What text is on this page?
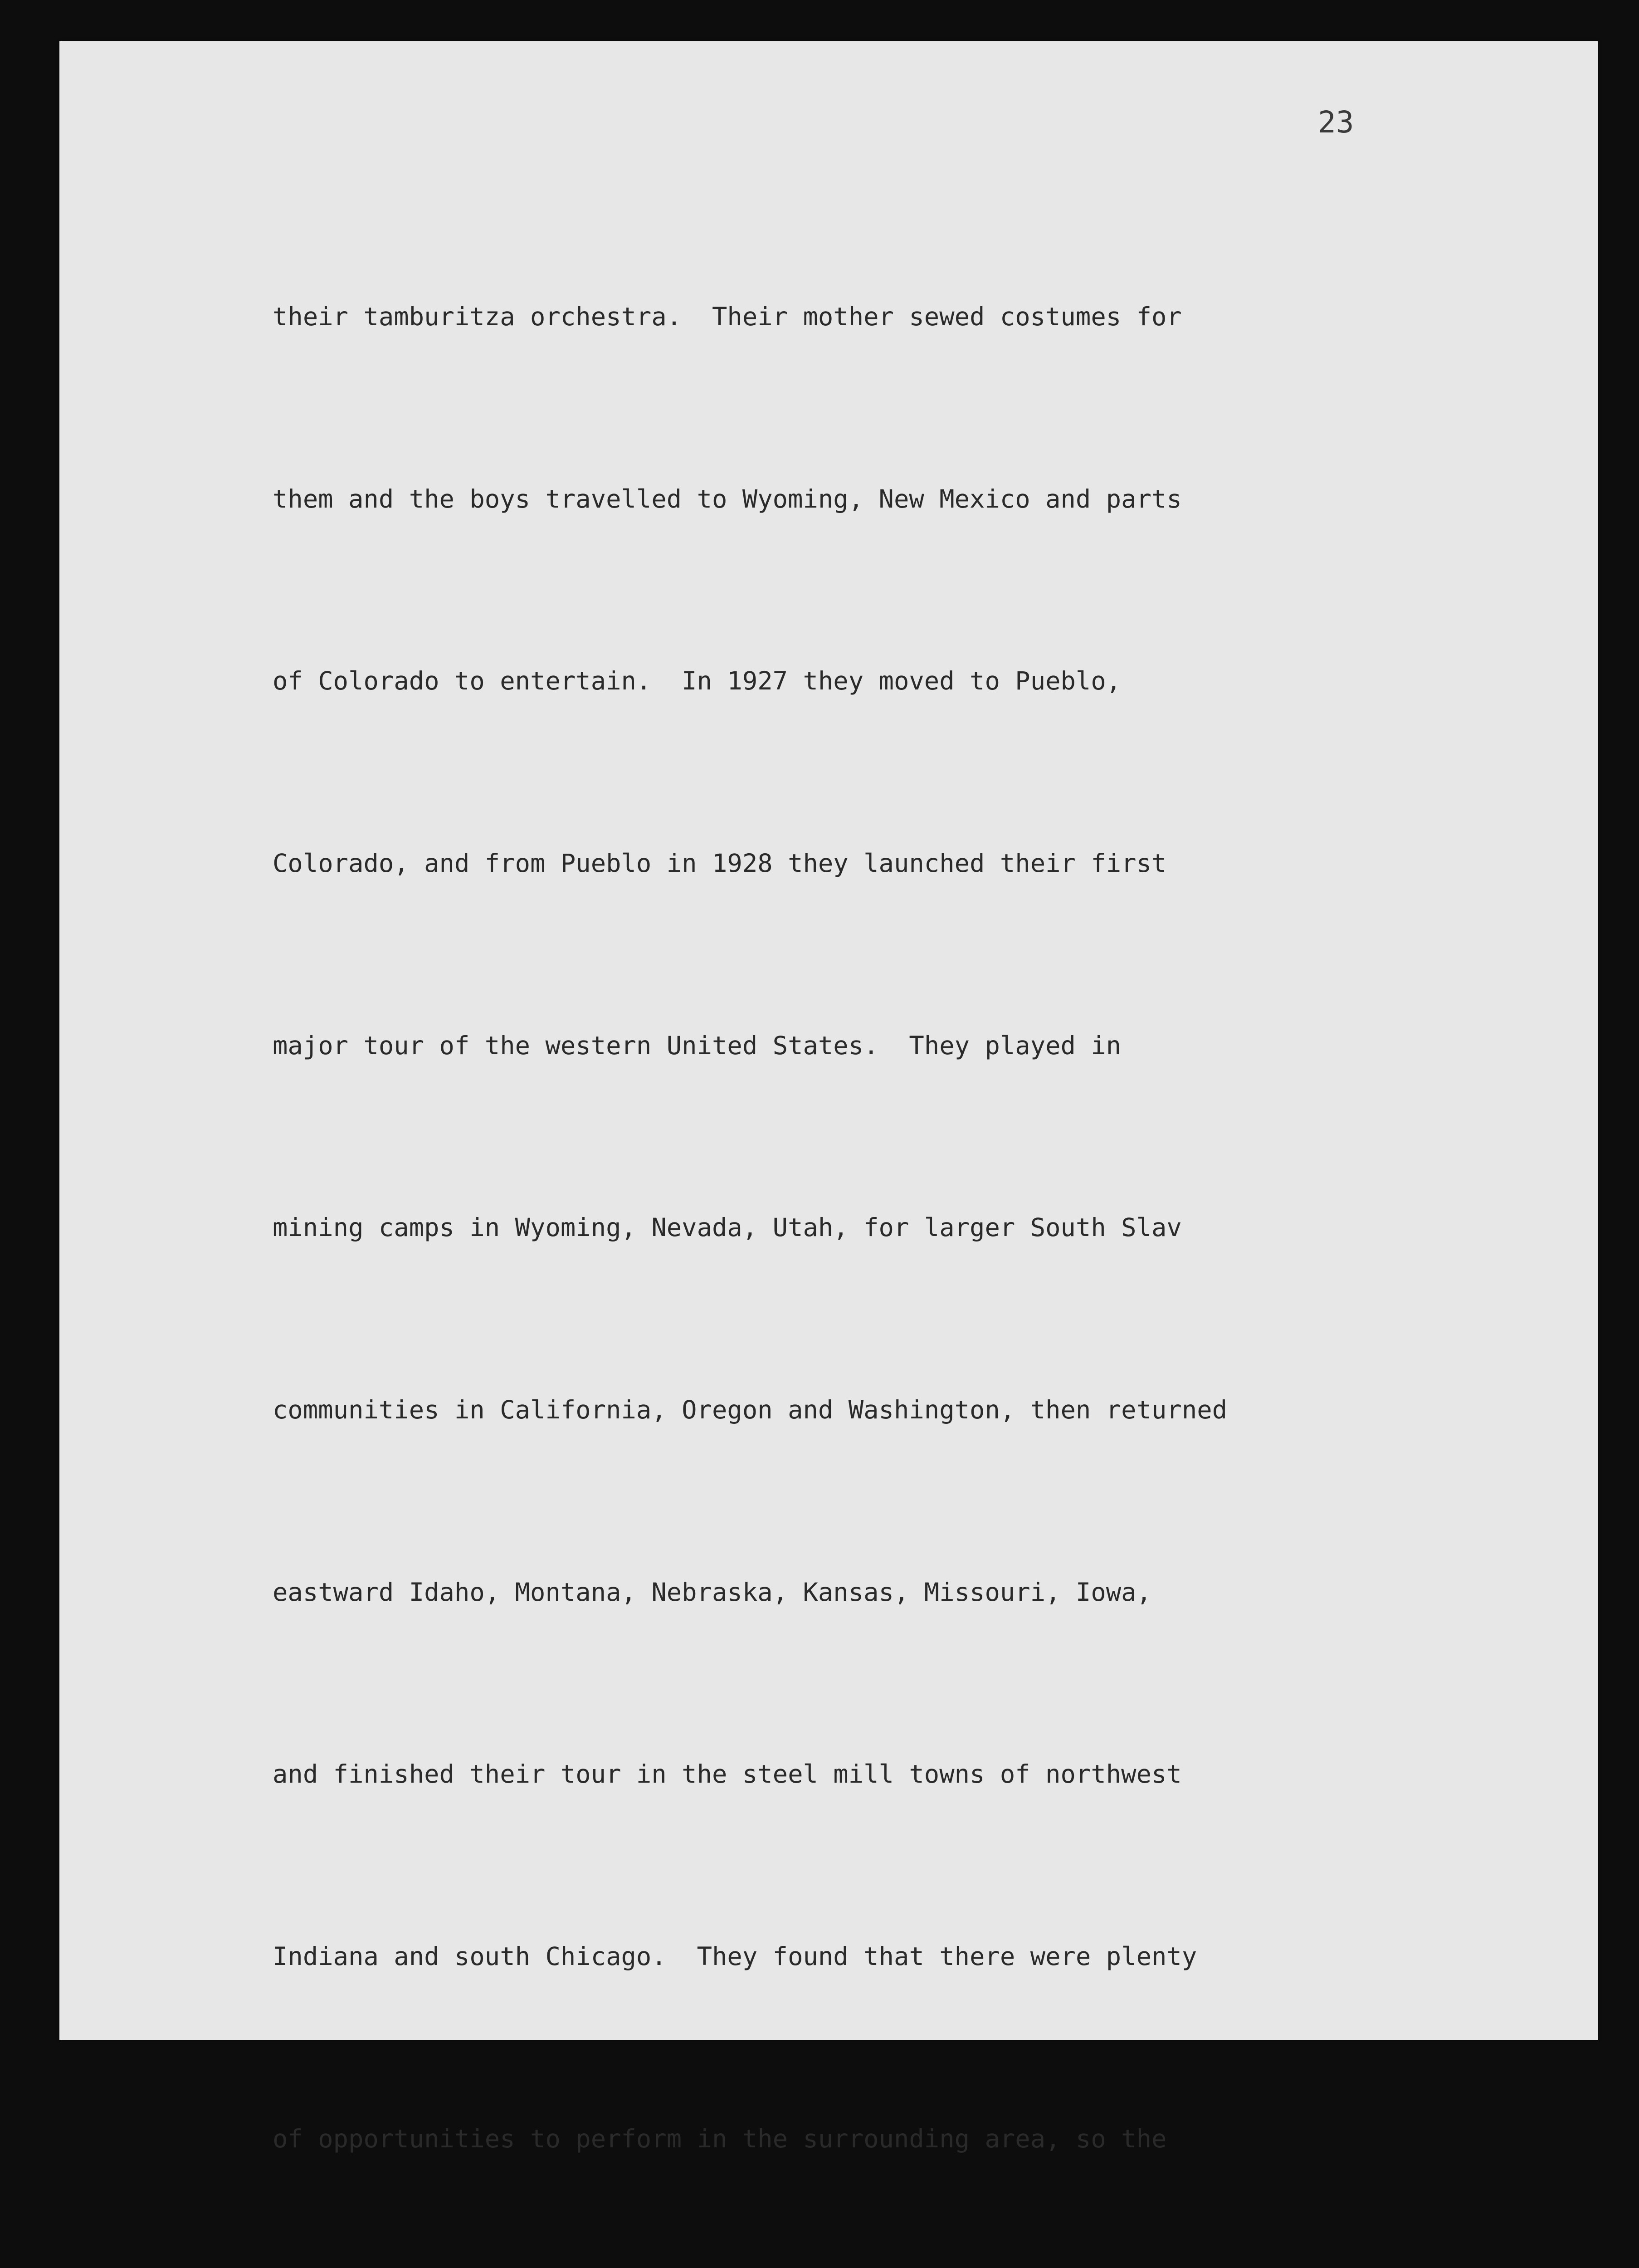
23

their tamburitza orchestra.  Their mother sewed costumes for

them and the boys travelled to Wyoming, New Mexico and parts

of Colorado to entertain.  In 1927 they moved to Pueblo,

Colorado, and from Pueblo in 1928 they launched their first

major tour of the western United States.  They played in

mining camps in Wyoming, Nevada, Utah, for larger South Slav

communities in California, Oregon and Washington, then returned

eastward Idaho, Montana, Nebraska, Kansas, Missouri, Iowa,

and finished their tour in the steel mill towns of northwest

Indiana and south Chicago.  They found that there were plenty

of opportunities to perform in the surrounding area, so the
